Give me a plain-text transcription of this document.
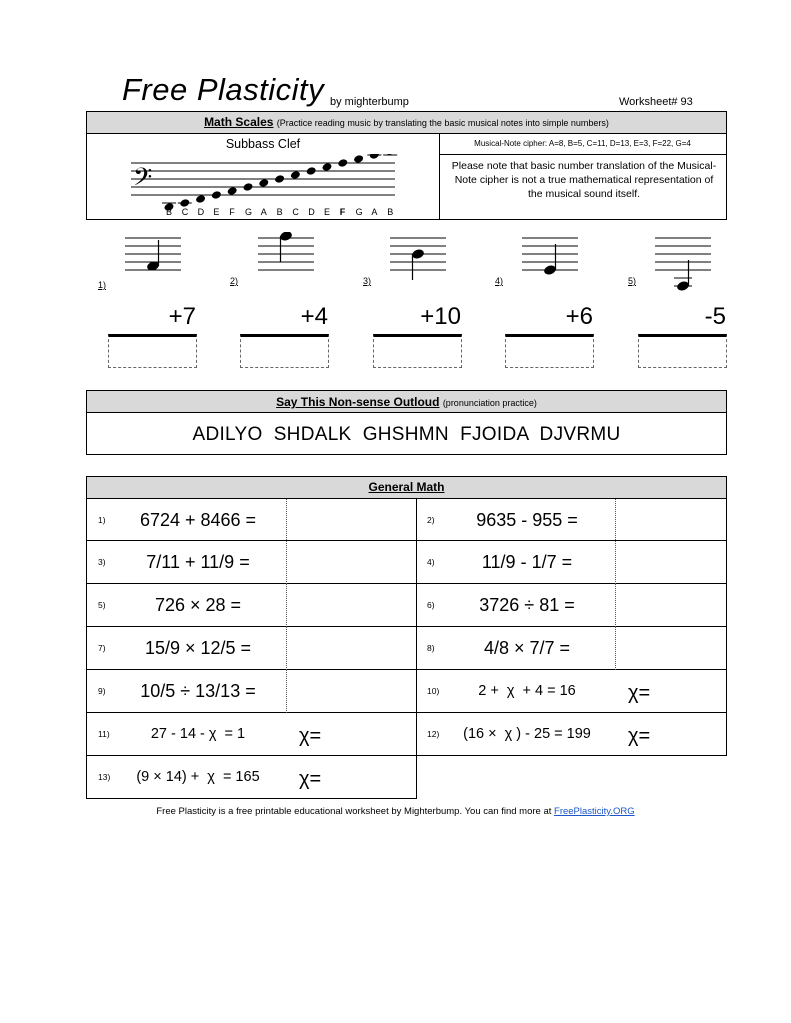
Free Plasticity by mighterbump	Worksheet# 93
Math Scales (Practice reading music by translating the basic musical notes into simple numbers)
Subbass Clef
𝄢
B C D E F G A B C D E F G A B
Musical-Note cipher: A=8, B=5, C=11, D=13, E=3, F=22, G=4
Please note that basic number translation of the Musical-Note cipher is not a true mathematical representation of the musical sound itself.
1)
+7
2)
+4
3)
+10
4)
+6
5)
-5
Say This Non-sense Outloud (pronunciation practice)
ADILYO  SHDALK  GHSHMN  FJOIDA  DJVRMU
General Math
1)	6724 + 8466 =	2)	9635 - 955 =
3)	7/11 + 11/9 =	4)	11/9 - 1/7 =
5)	726 × 28 =	6)	3726 ÷ 81 =
7)	15/9 × 12/5 =	8)	4/8 × 7/7 =
9)	10/5 ÷ 13/13 =	10)	2 +  χ  + 4 = 16	χ=
11)	27 - 14 - χ  = 1	χ=	12)	(16 ×  χ ) - 25 = 199	χ=
13)	(9 × 14) +  χ  = 165	χ=
Free Plasticity is a free printable educational worksheet by Mighterbump. You can find more at FreePlasticity.ORG
